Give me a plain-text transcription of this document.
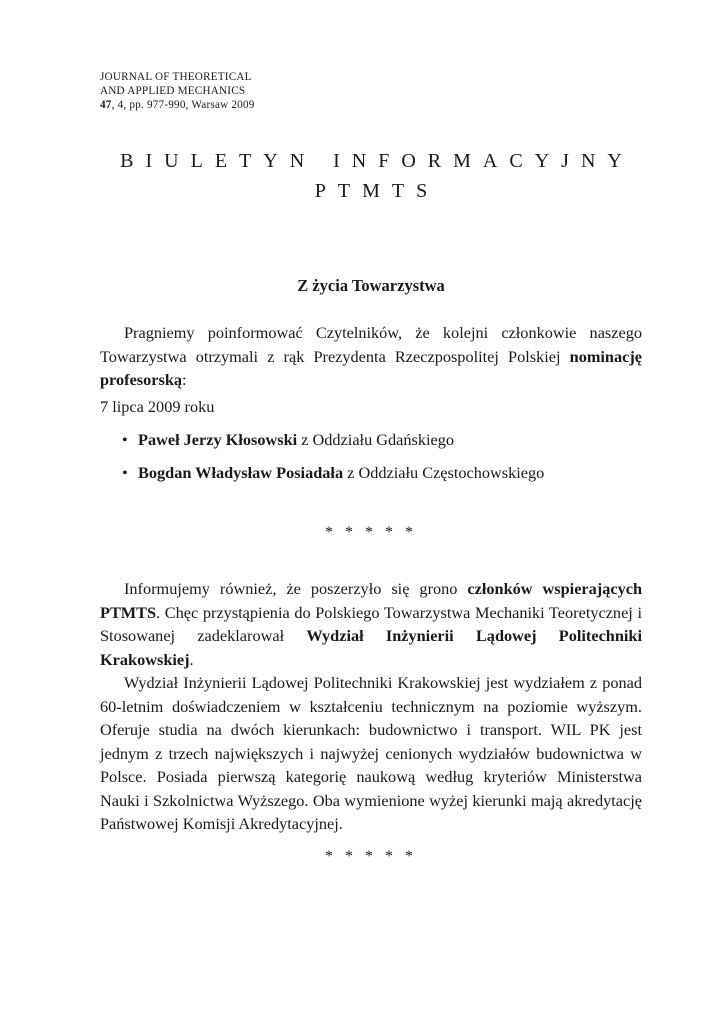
JOURNAL OF THEORETICAL
AND APPLIED MECHANICS
47, 4, pp. 977-990, Warsaw 2009
BIULETYN INFORMACYJNY
PTMTS
Z życia Towarzystwa

Pragniemy poinformować Czytelników, że kolejni członkowie naszego Towarzystwa otrzymali z rąk Prezydenta Rzeczpospolitej Polskiej nominację profesorską:

7 lipca 2009 roku

• Paweł Jerzy Kłosowski z Oddziału Gdańskiego
• Bogdan Władysław Posiadała z Oddziału Częstochowskiego
* * * * *

Informujemy również, że poszerzyło się grono członków wspierających PTMTS. Chęc przystąpienia do Polskiego Towarzystwa Mechaniki Teoretycznej i Stosowanej zadeklarował Wydział Inżynierii Lądowej Politechniki Krakowskiej.

Wydział Inżynierii Lądowej Politechniki Krakowskiej jest wydziałem z ponad 60-letnim doświadczeniem w kształceniu technicznym na poziomie wyższym. Oferuje studia na dwóch kierunkach: budownictwo i transport. WIL PK jest jednym z trzech największych i najwyżej cenionych wydziałów budownictwa w Polsce. Posiada pierwszą kategorię naukową według kryteriów Ministerstwa Nauki i Szkolnictwa Wyższego. Oba wymienione wyżej kierunki mają akredytację Państwowej Komisji Akredytacyjnej.

* * * * *
